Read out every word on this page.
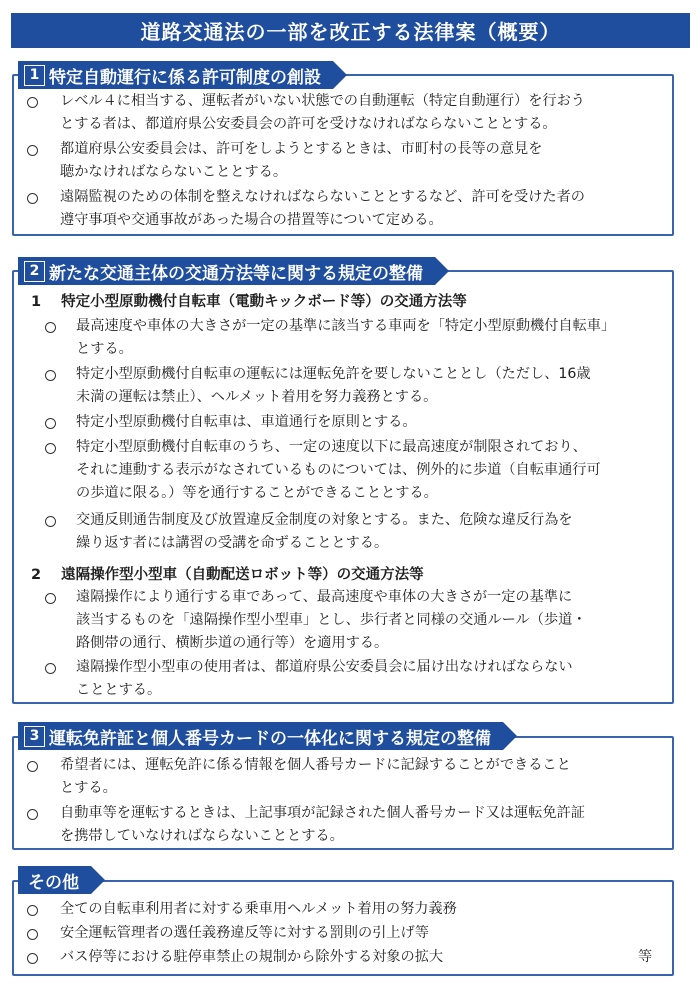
道路交通法の一部を改正する法律案（概要）
1 特定自動運行に係る許可制度の創設
レベル４に相当する、運転者がいない状態での自動運転（特定自動運行）を行おう
とする者は、都道府県公安委員会の許可を受けなければならないこととする。
都道府県公安委員会は、許可をしようとするときは、市町村の長等の意見を
聴かなければならないこととする。
遠隔監視のための体制を整えなければならないこととするなど、許可を受けた者の
遵守事項や交通事故があった場合の措置等について定める。
2 新たな交通主体の交通方法等に関する規定の整備
1 特定小型原動機付自転車（電動キックボード等）の交通方法等
最高速度や車体の大きさが一定の基準に該当する車両を「特定小型原動機付自転車」
とする。
特定小型原動機付自転車の運転には運転免許を要しないこととし（ただし、16歳
未満の運転は禁止）、ヘルメット着用を努力義務とする。
特定小型原動機付自転車は、車道通行を原則とする。
特定小型原動機付自転車のうち、一定の速度以下に最高速度が制限されており、
それに連動する表示がなされているものについては、例外的に歩道（自転車通行可
の歩道に限る。）等を通行することができることとする。
交通反則通告制度及び放置違反金制度の対象とする。また、危険な違反行為を
繰り返す者には講習の受講を命ずることとする。
2 遠隔操作型小型車（自動配送ロボット等）の交通方法等
遠隔操作により通行する車であって、最高速度や車体の大きさが一定の基準に
該当するものを「遠隔操作型小型車」とし、歩行者と同様の交通ルール（歩道・
路側帯の通行、横断歩道の通行等）を適用する。
遠隔操作型小型車の使用者は、都道府県公安委員会に届け出なければならない
こととする。
3 運転免許証と個人番号カードの一体化に関する規定の整備
希望者には、運転免許に係る情報を個人番号カードに記録することができること
とする。
自動車等を運転するときは、上記事項が記録された個人番号カード又は運転免許証
を携帯していなければならないこととする。
その他
全ての自転車利用者に対する乗車用ヘルメット着用の努力義務
安全運転管理者の選任義務違反等に対する罰則の引上げ等
バス停等における駐停車禁止の規制から除外する対象の拡大	等
